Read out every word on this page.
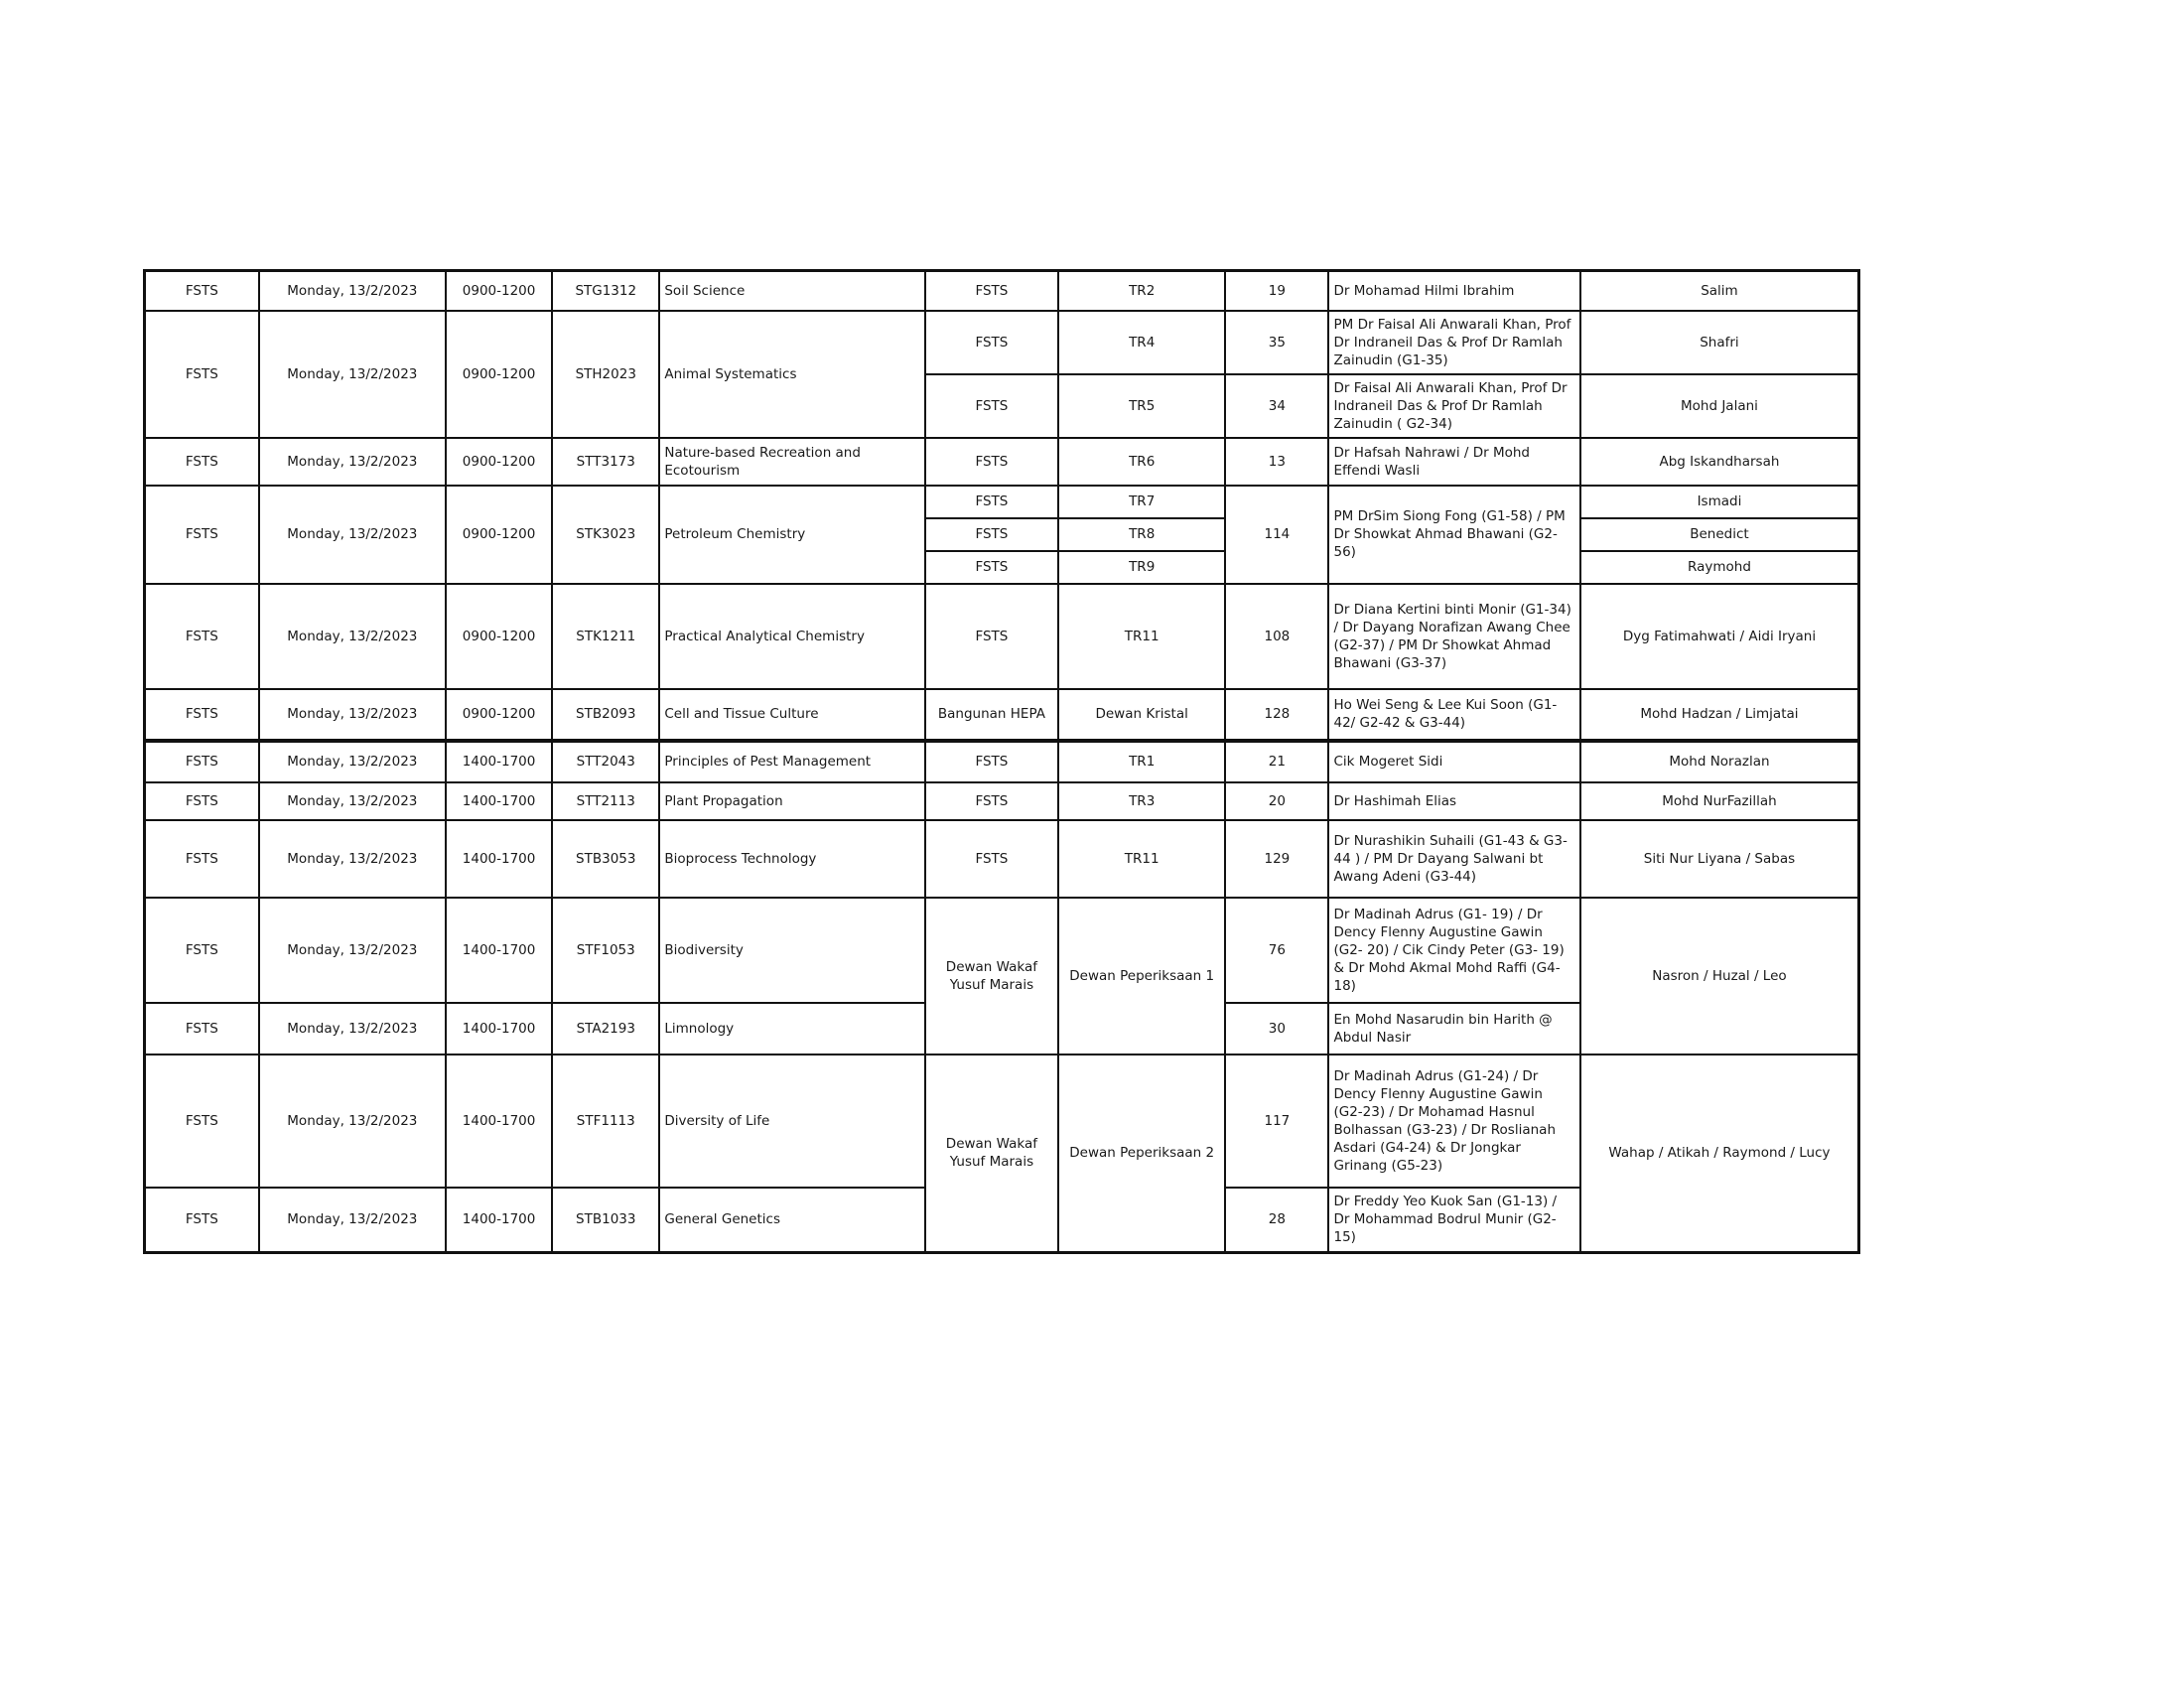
FSTS	Monday, 13/2/2023	0900-1200	STG1312	Soil Science	FSTS	TR2	19	Dr Mohamad Hilmi Ibrahim	Salim
FSTS	Monday, 13/2/2023	0900-1200	STH2023	Animal Systematics	FSTS	TR4	35	PM Dr Faisal Ali Anwarali Khan, Prof Dr Indraneil Das & Prof Dr Ramlah Zainudin (G1-35)	Shafri
					FSTS	TR5	34	Dr Faisal Ali Anwarali Khan, Prof Dr Indraneil Das & Prof Dr Ramlah Zainudin ( G2-34)	Mohd Jalani
FSTS	Monday, 13/2/2023	0900-1200	STT3173	Nature-based Recreation and Ecotourism	FSTS	TR6	13	Dr Hafsah Nahrawi / Dr Mohd Effendi Wasli	Abg Iskandharsah
FSTS	Monday, 13/2/2023	0900-1200	STK3023	Petroleum Chemistry	FSTS	TR7	114	PM DrSim Siong Fong (G1-58) / PM Dr Showkat Ahmad Bhawani (G2-56)	Ismadi
					FSTS	TR8			Benedict
					FSTS	TR9			Raymohd
FSTS	Monday, 13/2/2023	0900-1200	STK1211	Practical Analytical Chemistry	FSTS	TR11	108	Dr Diana Kertini binti Monir (G1-34) / Dr Dayang Norafizan Awang Chee (G2-37) / PM Dr Showkat Ahmad Bhawani (G3-37)	Dyg Fatimahwati / Aidi Iryani
FSTS	Monday, 13/2/2023	0900-1200	STB2093	Cell and Tissue Culture	Bangunan HEPA	Dewan Kristal	128	Ho Wei Seng & Lee Kui Soon (G1-42/ G2-42 & G3-44)	Mohd Hadzan / Limjatai
FSTS	Monday, 13/2/2023	1400-1700	STT2043	Principles of Pest Management	FSTS	TR1	21	Cik Mogeret Sidi	Mohd Norazlan
FSTS	Monday, 13/2/2023	1400-1700	STT2113	Plant Propagation	FSTS	TR3	20	Dr Hashimah Elias	Mohd NurFazillah
FSTS	Monday, 13/2/2023	1400-1700	STB3053	Bioprocess Technology	FSTS	TR11	129	Dr Nurashikin Suhaili (G1-43 & G3-44 ) / PM Dr Dayang Salwani bt Awang Adeni (G3-44)	Siti Nur Liyana / Sabas
FSTS	Monday, 13/2/2023	1400-1700	STF1053	Biodiversity	Dewan Wakaf Yusuf Marais	Dewan Peperiksaan 1	76	Dr Madinah Adrus (G1- 19) / Dr Dency Flenny Augustine Gawin (G2- 20) / Cik Cindy Peter (G3- 19) & Dr Mohd Akmal Mohd Raffi (G4-18)	Nasron / Huzal / Leo
FSTS	Monday, 13/2/2023	1400-1700	STA2193	Limnology			30	En Mohd Nasarudin bin Harith @ Abdul Nasir	
FSTS	Monday, 13/2/2023	1400-1700	STF1113	Diversity of Life	Dewan Wakaf Yusuf Marais	Dewan Peperiksaan 2	117	Dr Madinah Adrus (G1-24) / Dr Dency Flenny Augustine Gawin (G2-23) / Dr Mohamad Hasnul Bolhassan (G3-23) / Dr Roslianah Asdari (G4-24) & Dr Jongkar Grinang (G5-23)	Wahap / Atikah / Raymond / Lucy
FSTS	Monday, 13/2/2023	1400-1700	STB1033	General Genetics			28	Dr Freddy Yeo Kuok San (G1-13) / Dr Mohammad Bodrul Munir (G2-15)	
